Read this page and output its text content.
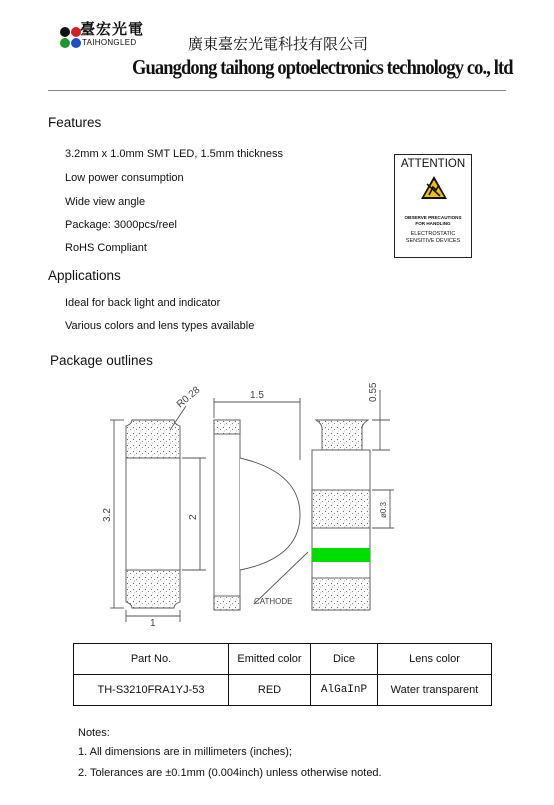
臺宏光電
TAIHONGLED	廣東臺宏光電科技有限公司
Guangdong taihong optoelectronics technology co., ltd
Features
3.2mm x 1.0mm SMT LED, 1.5mm thickness
Low power consumption
Wide view angle
Package: 3000pcs/reel
RoHS Compliant
ATTENTION
OBSERVE PRECAUTIONS
FOR HANDLING
ELECTROSTATIC
SENSITIVE DEVICES
Applications
Ideal for back light and indicator
Various colors and lens types available
Package outlines
R0.28	1.5	0.55
3.2	2
1
ø0.3
CATHODE
Part No.	Emitted color	Dice	Lens color
TH-S3210FRA1YJ-53	RED	AlGaInP	Water transparent
Notes:
1. All dimensions are in millimeters (inches);
2. Tolerances are ±0.1mm (0.004inch) unless otherwise noted.
